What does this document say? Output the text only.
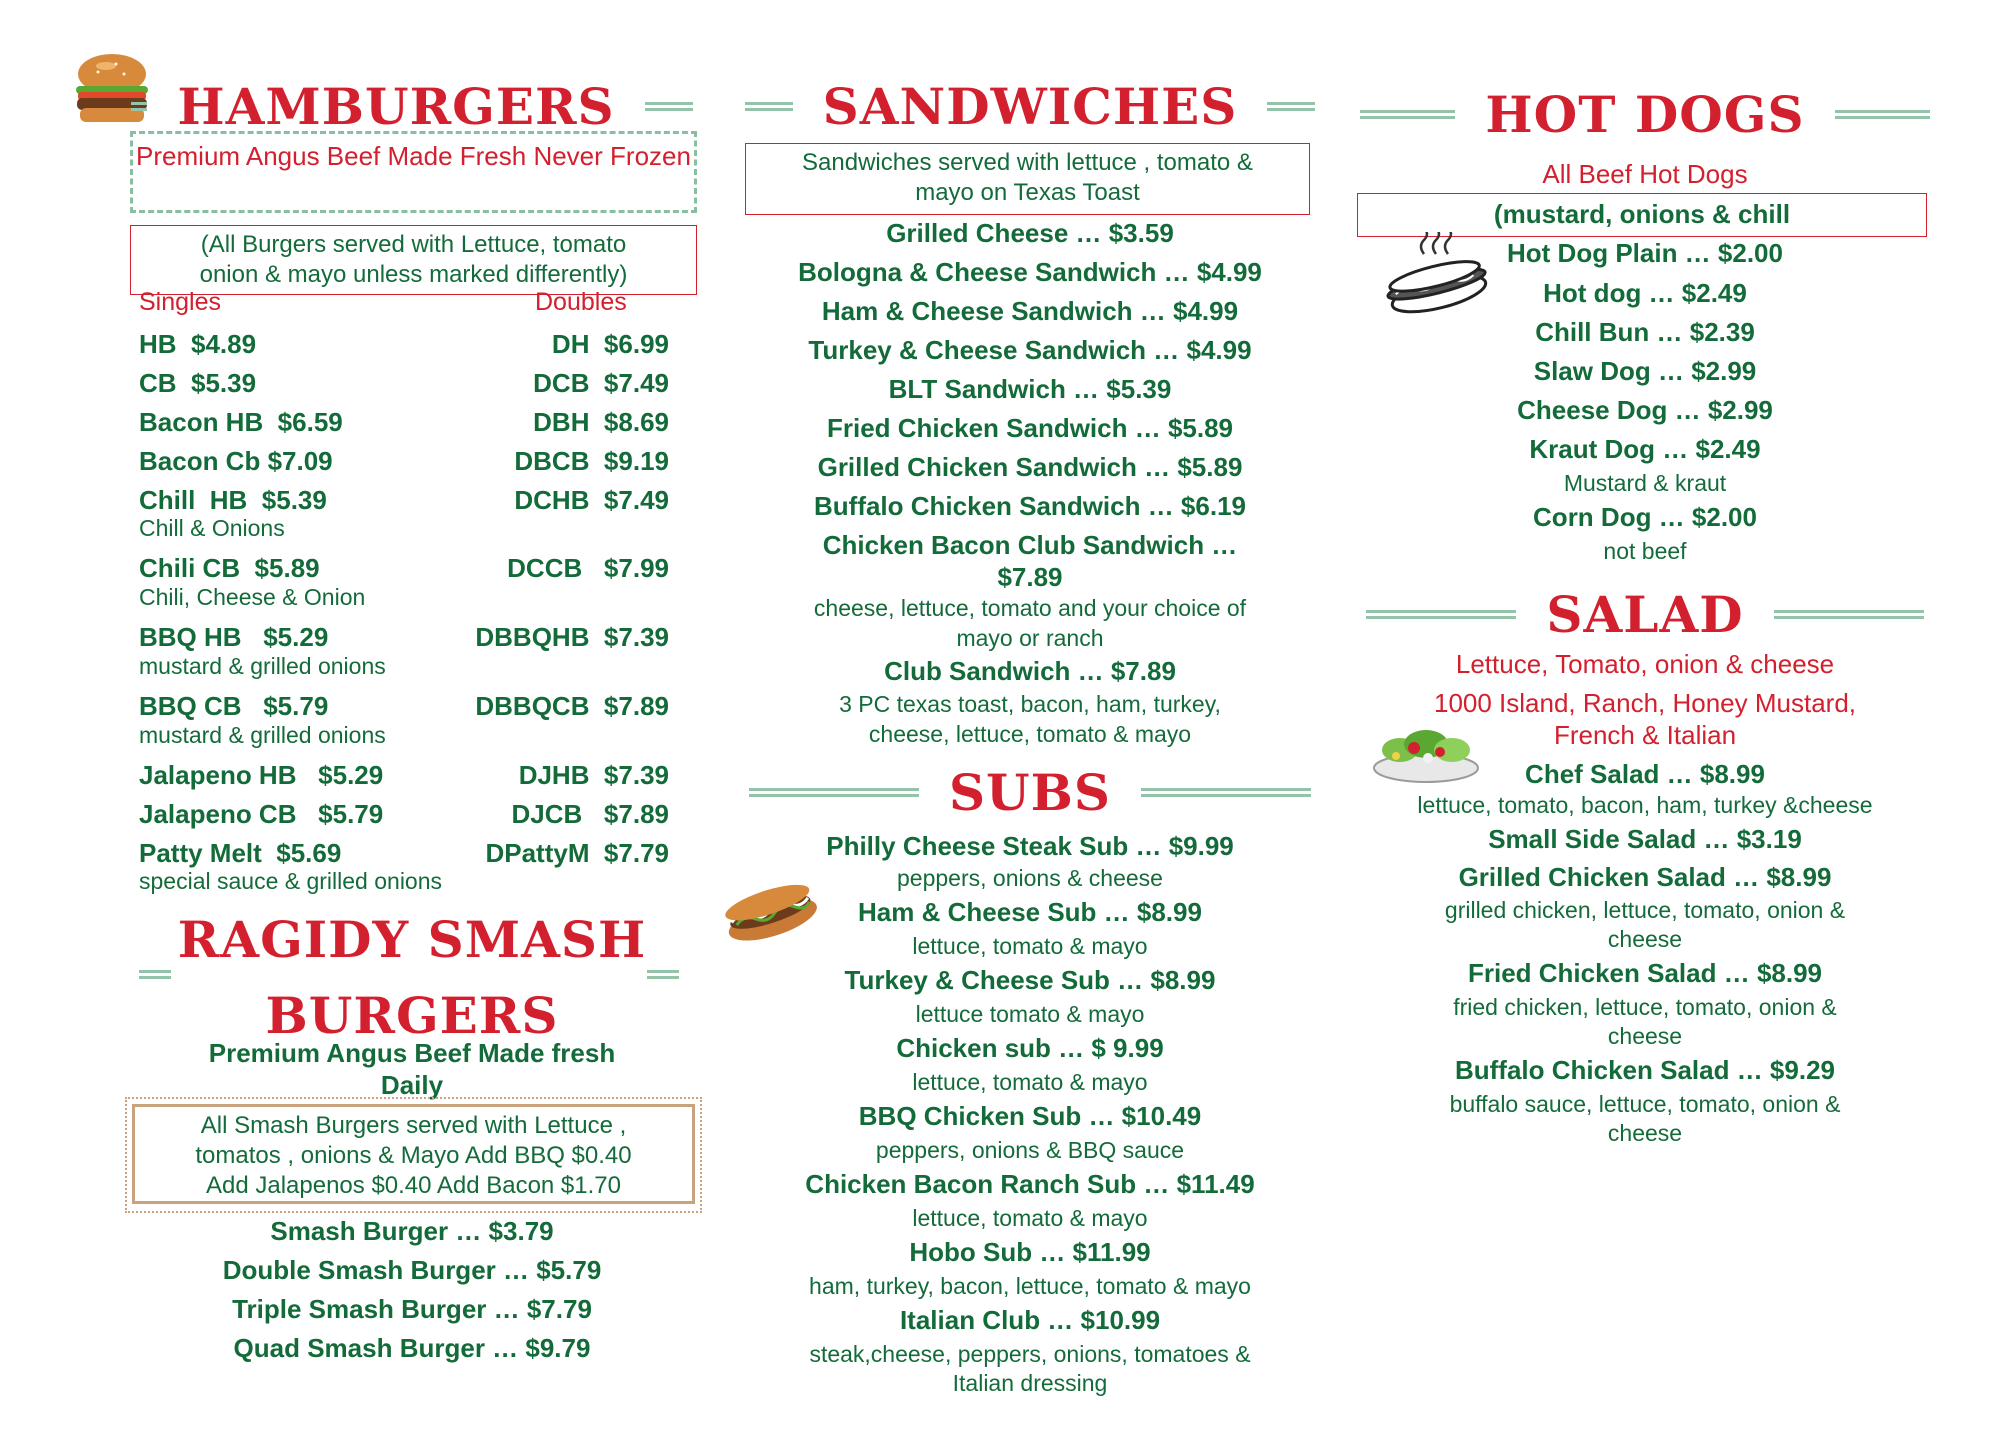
HAMBURGERS
Premium Angus Beef Made Fresh Never Frozen
(All Burgers served with Lettuce, tomato onion & mayo unless marked differently)
Singles	Doubles
HB  $4.89	DH  $6.99
CB  $5.39	DCB  $7.49
Bacon HB  $6.59	DBH  $8.69
Bacon Cb $7.09	DBCB  $9.19
Chill  HB  $5.39	DCHB  $7.49
Chill & Onions
Chili CB  $5.89	DCCB   $7.99
Chili, Cheese & Onion
BBQ HB   $5.29	DBBQHB  $7.39
mustard & grilled onions
BBQ CB   $5.79	DBBQCB  $7.89
mustard & grilled onions
Jalapeno HB   $5.29	DJHB  $7.39
Jalapeno CB   $5.79	DJCB   $7.89
Patty Melt  $5.69	DPattyM  $7.79
special sauce & grilled onions
RAGIDY SMASH
BURGERS
Premium Angus Beef Made fresh
Daily
All Smash Burgers served with Lettuce ,
tomatos , onions & Mayo Add BBQ $0.40
Add Jalapenos $0.40 Add Bacon $1.70
Smash Burger … $3.79
Double Smash Burger … $5.79
Triple Smash Burger … $7.79
Quad Smash Burger … $9.79
SANDWICHES
Sandwiches served with lettuce , tomato &
mayo on Texas Toast
Grilled Cheese … $3.59
Bologna & Cheese Sandwich … $4.99
Ham & Cheese Sandwich … $4.99
Turkey & Cheese Sandwich … $4.99
BLT Sandwich … $5.39
Fried Chicken Sandwich … $5.89
Grilled Chicken Sandwich … $5.89
Buffalo Chicken Sandwich … $6.19
Chicken Bacon Club Sandwich …
$7.89
cheese, lettuce, tomato and your choice of
mayo or ranch
Club Sandwich … $7.89
3 PC texas toast, bacon, ham, turkey,
cheese, lettuce, tomato & mayo
SUBS
Philly Cheese Steak Sub … $9.99
peppers, onions & cheese
Ham & Cheese Sub … $8.99
lettuce, tomato & mayo
Turkey & Cheese Sub … $8.99
lettuce tomato & mayo
Chicken sub … $ 9.99
lettuce, tomato & mayo
BBQ Chicken Sub … $10.49
peppers, onions & BBQ sauce
Chicken Bacon Ranch Sub … $11.49
lettuce, tomato & mayo
Hobo Sub … $11.99
ham, turkey, bacon, lettuce, tomato & mayo
Italian Club … $10.99
steak,cheese, peppers, onions, tomatoes &
Italian dressing
HOT DOGS
All Beef Hot Dogs
(mustard, onions & chill
Hot Dog Plain … $2.00
Hot dog … $2.49
Chill Bun … $2.39
Slaw Dog … $2.99
Cheese Dog … $2.99
Kraut Dog … $2.49
Mustard & kraut
Corn Dog … $2.00
not beef
SALAD
Lettuce, Tomato, onion & cheese
1000 Island, Ranch, Honey Mustard,
French & Italian
Chef Salad … $8.99
lettuce, tomato, bacon, ham, turkey &cheese
Small Side Salad … $3.19
Grilled Chicken Salad … $8.99
grilled chicken, lettuce, tomato, onion &
cheese
Fried Chicken Salad … $8.99
fried chicken, lettuce, tomato, onion &
cheese
Buffalo Chicken Salad … $9.29
buffalo sauce, lettuce, tomato, onion &
cheese
